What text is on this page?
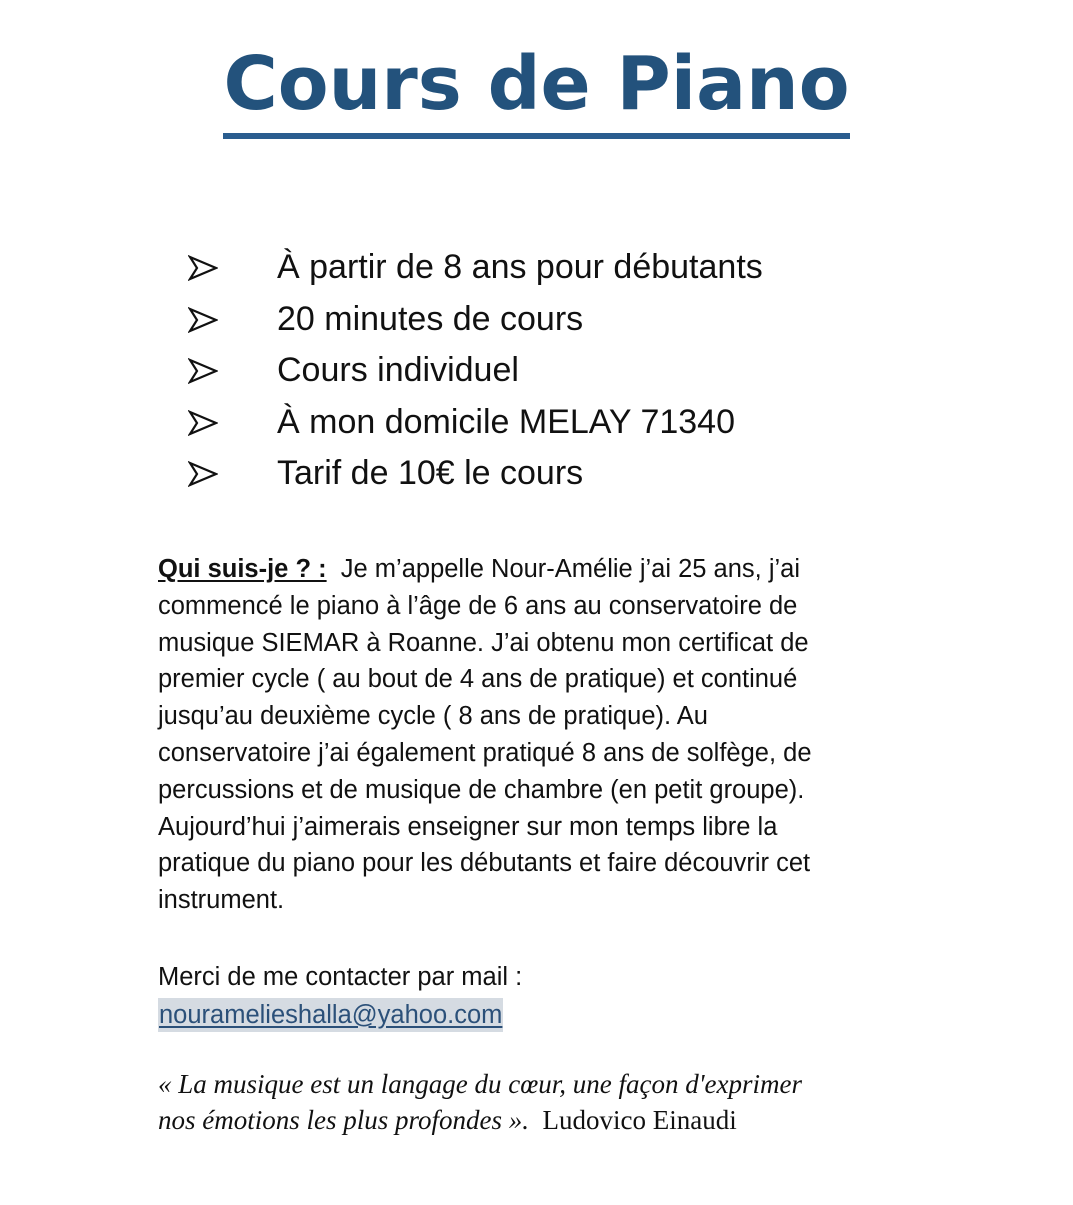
Cours de Piano
À partir de 8 ans pour débutants
20 minutes de cours
Cours individuel
À mon domicile MELAY 71340
Tarif de 10€ le cours

Qui suis-je ? : Je m’appelle Nour-Amélie j’ai 25 ans, j’ai
commencé le piano à l’âge de 6 ans au conservatoire de
musique SIEMAR à Roanne. J’ai obtenu mon certificat de
premier cycle ( au bout de 4 ans de pratique) et continué
jusqu’au deuxième cycle ( 8 ans de pratique). Au
conservatoire j’ai également pratiqué 8 ans de solfège, de
percussions et de musique de chambre (en petit groupe).
Aujourd’hui j’aimerais enseigner sur mon temps libre la
pratique du piano pour les débutants et faire découvrir cet
instrument.

Merci de me contacter par mail :
nouramelieshalla@yahoo.com

« La musique est un langage du cœur, une façon d'exprimer
nos émotions les plus profondes ». Ludovico Einaudi
